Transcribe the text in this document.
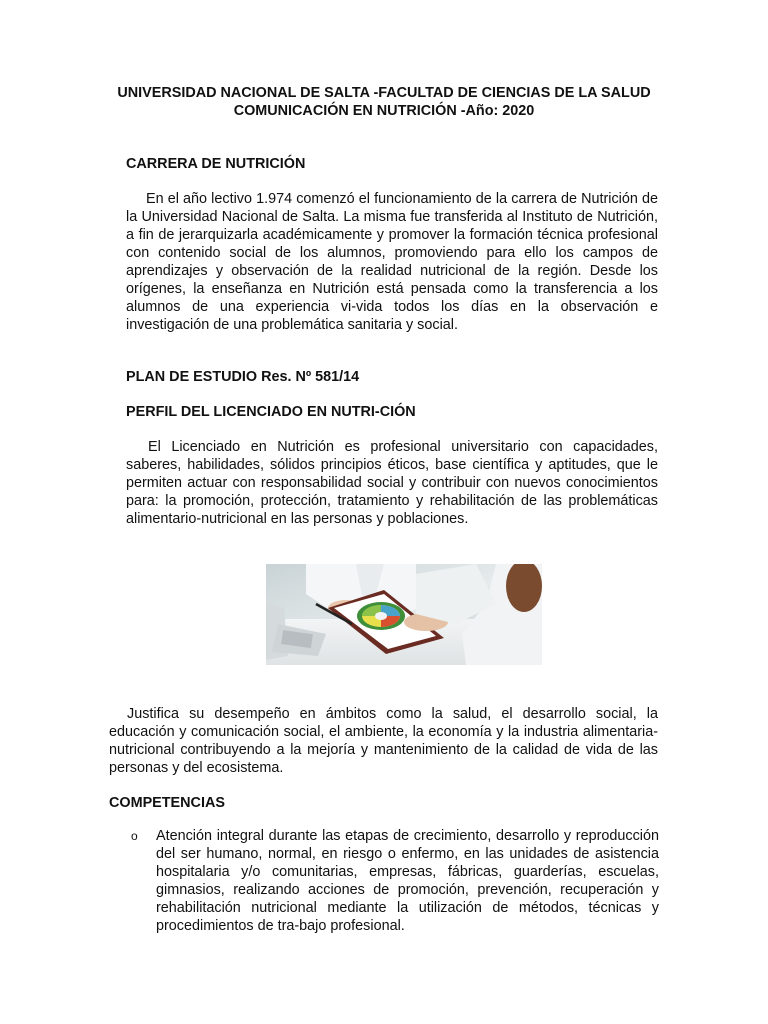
UNIVERSIDAD NACIONAL DE SALTA -FACULTAD DE CIENCIAS DE LA SALUD
COMUNICACIÓN EN NUTRICIÓN -Año: 2020
CARRERA DE NUTRICIÓN

En el año lectivo 1.974 comenzó el funcionamiento de la carrera de Nutrición de la Universidad Nacional de Salta. La misma fue transferida al Instituto de Nutrición, a fin de jerarquizarla académicamente y promover la formación técnica profesional con contenido social de los alumnos, promoviendo para ello los campos de aprendizajes y observación de la realidad nutricional de la región. Desde los orígenes, la enseñanza en Nutrición está pensada como la transferencia a los alumnos de una experiencia vi-vida todos los días en la observación e investigación de una problemática sanitaria y social.

PLAN DE ESTUDIO Res. Nº 581/14
PERFIL DEL LICENCIADO EN NUTRI-CIÓN

El Licenciado en Nutrición es profesional universitario con capacidades, saberes, habilidades, sólidos principios éticos, base científica y aptitudes, que le permiten actuar con responsabilidad social y contribuir con nuevos conocimientos para: la promoción, protección, tratamiento y rehabilitación de las problemáticas alimentario-nutricional en las personas y poblaciones.

Justifica su desempeño en ámbitos como la salud, el desarrollo social, la educación y comunicación social, el ambiente, la economía y la industria alimentaria-nutricional contribuyendo a la mejoría y mantenimiento de la calidad de vida de las personas y del ecosistema.

COMPETENCIAS
o Atención integral durante las etapas de crecimiento, desarrollo y reproducción del ser humano, normal, en riesgo o enfermo, en las unidades de asistencia hospitalaria y/o comunitarias, empresas, fábricas, guarderías, escuelas, gimnasios, realizando acciones de promoción, prevención, recuperación y rehabilitación nutricional mediante la utilización de métodos, técnicas y procedimientos de tra-bajo profesional.
